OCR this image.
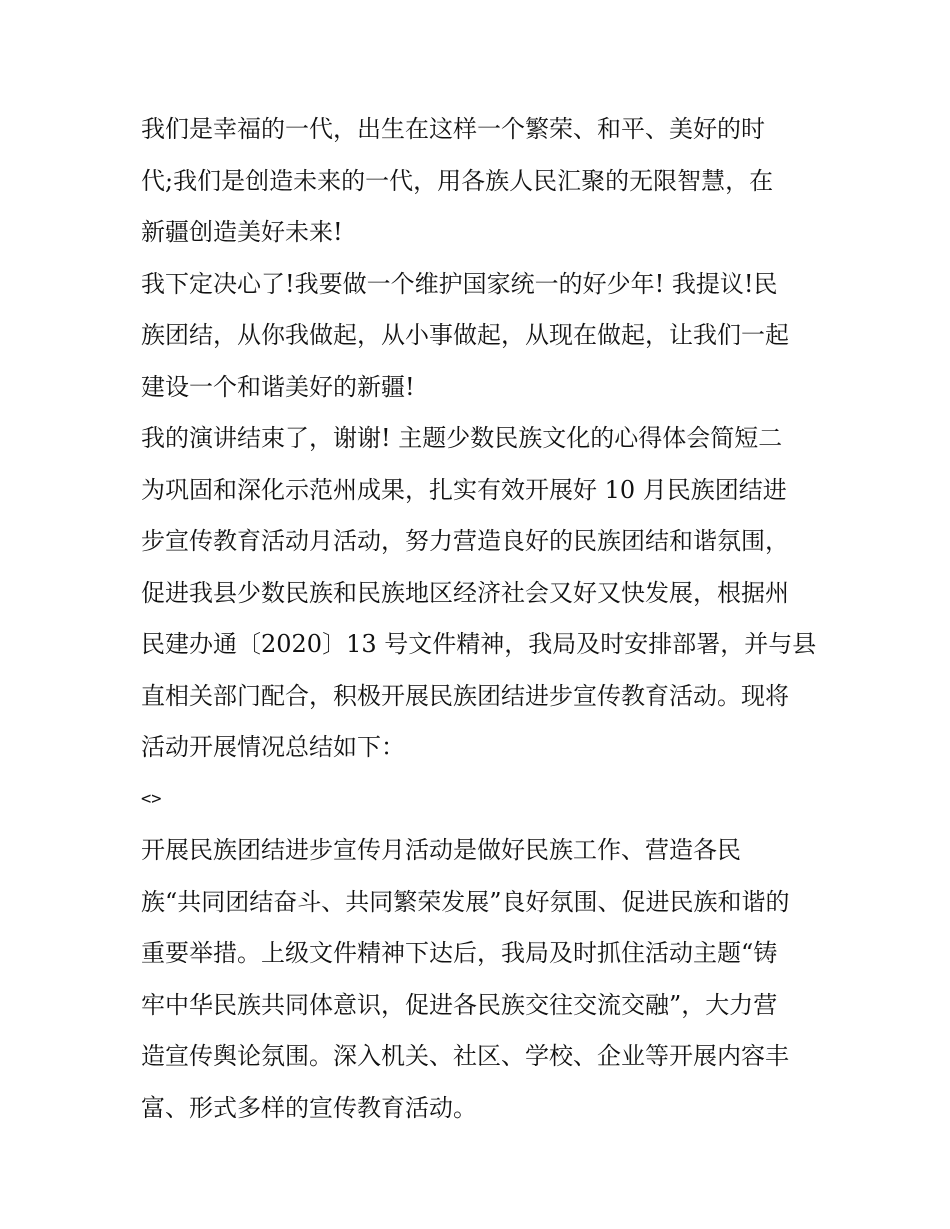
我们是幸福的一代，出生在这样一个繁荣、和平、美好的时
代;我们是创造未来的一代，用各族人民汇聚的无限智慧，在
新疆创造美好未来!
我下定决心了!我要做一个维护国家统一的好少年! 我提议!民
族团结，从你我做起，从小事做起，从现在做起，让我们一起
建设一个和谐美好的新疆!
我的演讲结束了，谢谢! 主题少数民族文化的心得体会简短二
为巩固和深化示范州成果，扎实有效开展好 10 月民族团结进
步宣传教育活动月活动，努力营造良好的民族团结和谐氛围，
促进我县少数民族和民族地区经济社会又好又快发展，根据州
民建办通〔2020〕13 号文件精神，我局及时安排部署，并与县
直相关部门配合，积极开展民族团结进步宣传教育活动。现将
活动开展情况总结如下：
<>
开展民族团结进步宣传月活动是做好民族工作、营造各民
族“共同团结奋斗、共同繁荣发展”良好氛围、促进民族和谐的
重要举措。上级文件精神下达后，我局及时抓住活动主题“铸
牢中华民族共同体意识，促进各民族交往交流交融”，大力营
造宣传舆论氛围。深入机关、社区、学校、企业等开展内容丰
富、形式多样的宣传教育活动。
